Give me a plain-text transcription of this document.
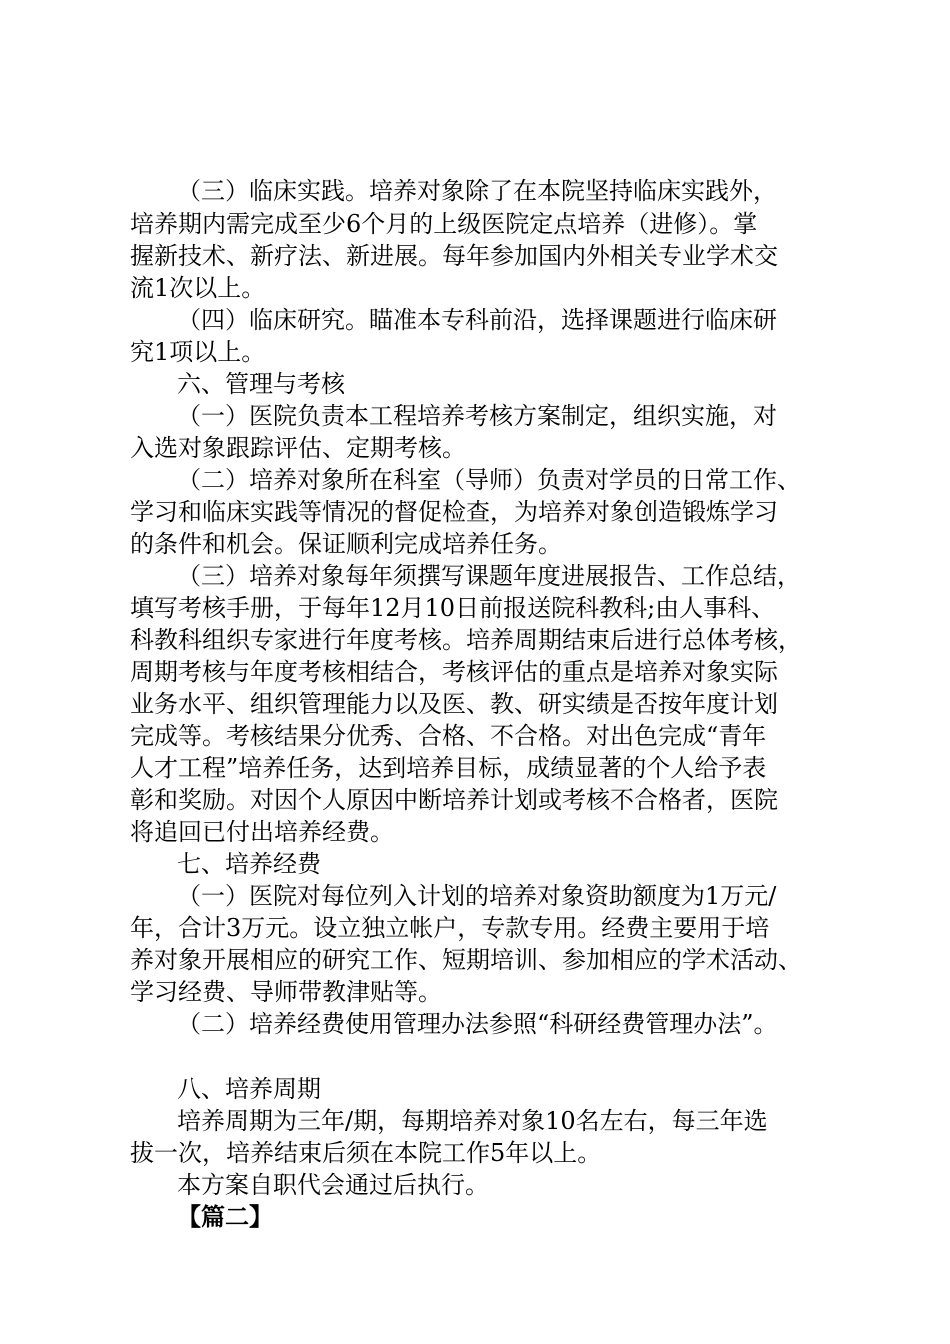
（三）临床实践。培养对象除了在本院坚持临床实践外，
培养期内需完成至少6个月的上级医院定点培养（进修）。掌
握新技术、新疗法、新进展。每年参加国内外相关专业学术交
流1次以上。
（四）临床研究。瞄准本专科前沿，选择课题进行临床研
究1项以上。
六、管理与考核
（一）医院负责本工程培养考核方案制定，组织实施，对
入选对象跟踪评估、定期考核。
（二）培养对象所在科室（导师）负责对学员的日常工作、
学习和临床实践等情况的督促检查，为培养对象创造锻炼学习
的条件和机会。保证顺利完成培养任务。
（三）培养对象每年须撰写课题年度进展报告、工作总结，
填写考核手册，于每年12月10日前报送院科教科;由人事科、
科教科组织专家进行年度考核。培养周期结束后进行总体考核，
周期考核与年度考核相结合，考核评估的重点是培养对象实际
业务水平、组织管理能力以及医、教、研实绩是否按年度计划
完成等。考核结果分优秀、合格、不合格。对出色完成“青年
人才工程”培养任务，达到培养目标，成绩显著的个人给予表
彰和奖励。对因个人原因中断培养计划或考核不合格者，医院
将追回已付出培养经费。
七、培养经费
（一）医院对每位列入计划的培养对象资助额度为1万元/
年，合计3万元。设立独立帐户，专款专用。经费主要用于培
养对象开展相应的研究工作、短期培训、参加相应的学术活动、
学习经费、导师带教津贴等。
（二）培养经费使用管理办法参照“科研经费管理办法”。
八、培养周期
培养周期为三年/期，每期培养对象10名左右，每三年选
拔一次，培养结束后须在本院工作5年以上。
本方案自职代会通过后执行。
【篇二】
